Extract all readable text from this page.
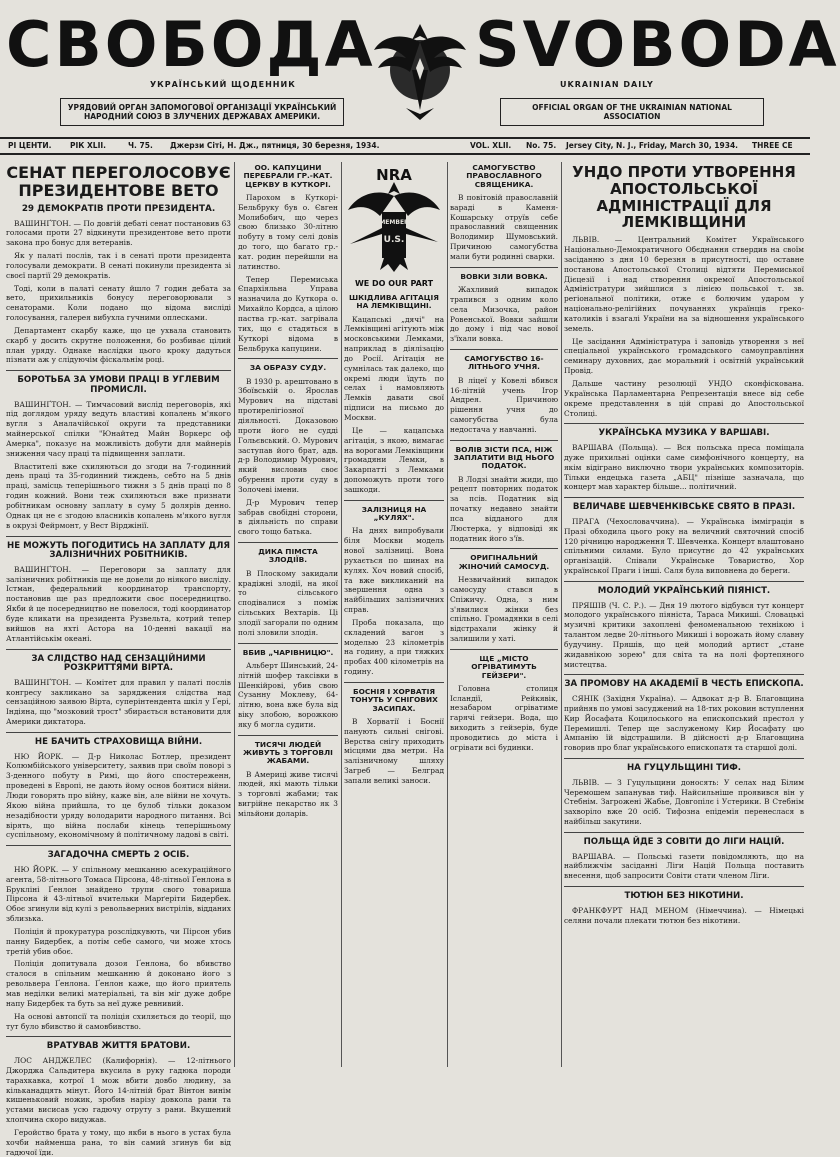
СВОБОДА
УКРАЇНСЬКИЙ ЩОДЕННИК
SVOBODA
UKRAINIAN DAILY
УРЯДОВИЙ ОРГАН ЗАПОМОГОВОЇ ОРГАНІЗАЦІЇ УКРАЇНСЬКИЙ НАРОДНИЙ СОЮЗ В ЗЛУЧЕНИХ ДЕРЖАВАХ АМЕРИКИ.
OFFICIAL ORGAN OF THE UKRAINIAN NATIONAL ASSOCIATION
РІ ЦЕНТИ. РІК XLII.	Ч. 75. Джерзи Сіті, Н. Дж., пятниця, 30 березня, 1934.	VOL. XLII. No. 75. Jersey City, N. J., Friday, March 30, 1934. THREE CE
СЕНАТ ПЕРЕГОЛОСОВУЄ ПРЕЗИДЕНТОВЕ ВЕТО
29 ДЕМОКРАТІВ ПРОТИ ПРЕЗИДЕНТА.

ВАШИНҐТОН. — По довгій дебаті сенат постановив 63 голосами проти 27 відкинути президентове вето проти закона про бонус для ветеранів.

Як у палаті послів, так і в сенаті проти президента голосували демократи. В сенаті покинули президента зі своєї партії 29 демократів.

Тоді, коли в палаті сенату йшло 7 годин дебата за вето, прихильників бонусу переговорювали з сенаторами. Коли подано що відома висліді голосування, галерея вибухла гучними оплесками.

Департамент скарбу каже, що це ухвала становить скарб у досить скрутне положення, бо розбиває цілий план уряду. Однаке наслідки цього кроку дадуться пізнати аж у слідуючім фіскальнім році.

БОРОТЬБА ЗА УМОВИ ПРАЦІ В УГЛЕВИМ ПРОМИСЛІ.

ВАШИНҐТОН. — Тимчасовий вислід переговорів, які під доглядом уряду ведуть властиві копалень м'якого вугля з Аналачійської округи та представники майнерської спілки "Юнайтед Майн Воркерс оф Амерка", показує на можливість добути для майнерів зниження часу праці та підвищення заплати.

Властителі вже схиляються до згоди на 7-годинний день праці та 35-годинний тиждень, себто на 5 днів праці, замісць теперішнього тижня з 5 днів праці по 8 годин кожний. Вони теж схиляються вже признати робітникам основну заплату в суму 5 долярів денно. Однак ця не є згодою власників копалень м'якого вугля в окрузі Фейрмонт, у Вест Вірджінії.

НЕ МОЖУТЬ ПОГОДИТИСЬ НА ЗАПЛАТУ ДЛЯ ЗАЛІЗНИЧНИХ РОБІТНИКІВ.

ВАШИНҐТОН. — Переговори за заплату для залізничних робітників ще не довели до ніякого висліду. Істман, федеральний координатор транспорту, постановив ще раз предложити своє посередництво. Якби й це посередництво не повелося, тоді координатор буде кликати на президента Рузвельта, котрий тепер вийшов на яхті Астора на 10-денні вакації на Атлантійськім океані.

ЗА СЛІДСТВО НАД СЕНЗАЦІЙНИМИ РОЗКРИТТЯМИ ВІРТА.

ВАШИНҐТОН. — Комітет для правил у палаті послів конгресу закликано за заряджения слідства над сензаційною заявою Вірта, суперінтендента шкіл у Ґері, Індіяна, що "мозковий трост" збирається встановити для Америки диктатора.

НЕ БАЧИТЬ СТРАХОВИЩА ВІЙНИ.

НЮ ЙОРК. — Д-р Николас Ботлер, президент Колюмбійського університету, заявив при своїм поворі з 3-денного побуту в Римі, що його спостереженн, проведені в Европі, не дають йому основ боятися війни. Люди говорять про війну, каже він, але війни не хочуть. Якою війна прийшла, то це булоб тільки доказом незадібности уряду володарити народного питання. Всі вірять, що війна послаби кінець теперішньому суспільному, економічному й політичному ладові в світі.

ЗАГАДОЧНА СМЕРТЬ 2 ОСІБ.

НЮ ЙОРК. — У спільному мешканню асекураційного агента, 58-літнього Томаса Пірсона, 48-літньої Ґенлона в Брукліні Ґенлон знайдено трупи свого товариша Пірсона й 43-літньої вчительки Марґеріти Бидербек. Обоє згинули від кулі з револьверних вистрілів, відданих зблизька.

Поліція й прокуратура розслідкувють, чи Пірсон убив панну Бидербек, а потім себе самого, чи може хтось третій убив обоє.

Поліція допитувала дозоя Ґенлона, бо вбивство сталося в спільним мешканню й доконано його з револьвера Ґенлона. Ґенлон каже, що його приятель мав неділки великі матеріальні, та він міг дуже добре напу Бидербек та буть за неї дуже ревнивий.

На основі автопсії та поліція схиляється до теорії, що тут було вбивство й самовбивство.

ВРАТУВАВ ЖИТТЯ БРАТОВИ.

ЛОС АНДЖЕЛЕС (Калифорнія). — 12-літнього Джорджа Сальдитера вкусила в руку гадюка породи тарахкавка, котрої 1 мож вбити довбо людину, за кільканадцять мінут. Його 14-літній брат Вінтон винім кишеньковий ножик, зробив нарізу довкола рани та устами висисав усю гадючу отруту з рани. Вкушений хлопчина скоро видужав.

Геройство брата у тому, що якби в нього в устах була хочби найменша рана, то він самий згинув би від гадючої їди.

ОО. КАПУЦИНИ ПЕРЕБРАЛИ ГР.-КАТ. ЦЕРКВУ В КУТКОРІ.

Парохом в Куткорі-Бельбруку був о. Євген Молибобич, що через свою близько 30-літню побуту в тому селі довів до того, що багато гр.-кат. родин перейшли на латинство.

Тепер Перемиська Єпархіяльна Управа назначила до Куткора о. Михайло Кордса, а цілою паства гр.-кат. загрівала тих, що є стадяться в Куткорі відома в Бельбрука капуцини.

ЗА ОБРАЗУ СУДУ.

В 1930 р. арештовано в Збоївській о. Ярослав Мурович на підставі протирелігіозної діяльності. Доказовою проти його не судді Гольєвський. О. Мурович заступав його брат, адв. д-р Володимир Мурович, який висловив своє обурення проти суду в Золочеві імени.

Д-р Мурович тепер забрав свобідні сторони, в діяльність по справи свого тощо батька.

ДИКА ПІМСТА ЗЛОДІЇВ.

В Плоскому закидали крадіжні злодії, на якої то сільського сподівалися з поміж сільських Вехтарів. Ці злодії загорали по одним полі зловили злодія.

ВБИВ „ЧАРІВНИЦЮ".

Альберт Шинський, 24-літній шофер таксівки в Шенкійрові, убив свою Сузанну Моклеву, 64-літню, вона вже була від віку злобою, ворожкою яку б могла судити.

ТИСЯЧІ ЛЮДЕЙ ЖИВУТЬ З ТОРГОВЛІ ЖАБАМИ.

В Америці живе тисячі людей, які мають тільки з торговлі жабами; так вигрійне пекарство як 3 мільйони доларів.

NRA
MEMBER
U.S.
WE DO OUR PART
ШКІДЛИВА АГІТАЦІЯ НА ЛЕМКІВЩИНІ.

Кацапські „дячі" на Лемківщині агітують між московськими Лемками, наприклад в діялізацію до Росії. Агітація не сумнілась так далеко, що окремі люди їдуть по селах і намовляють Лемків давати свої підписи на письмо до Москви.

Це — кацапська агітація, з якою, вимагає на ворогами Лемківщини громадяни Лемки, в Закарпатті з Лемками допоможуть проти того зашкоди.

ЗАЛІЗНИЦЯ НА „КУЛЯХ".

На днях випробували біля Москви модель нової залізниці. Вона рухається по шинах на кулях. Хоч новий спосіб, та вже викликаний на звершення одна з найбільших залізничних справ.

Проба показала, що складений вагон з моделью 23 кілометрів на годину, а при тяжких пробах 400 кілометрів на годину.

БОСНІЯ І ХОРВАТІЯ ТОНУТЬ У СНІГОВИХ ЗАСИПАХ.

В Хорватії і Боснії панують сильні снігові. Верства снігу приходить місцями два метри. На залізничному шляху Загреб — Белград запали великі заноси.

САМОГУБСТВО ПРАВОСЛАВНОГО СВЯЩЕНИКА.

В повітовій православній вараді в Каменя-Кошарську отруїв себе православний священник Володимир Шумовський. Причиною самогубства мали бути родинні сварки.

ВОВКИ ЗІЛИ ВОВКА.

Жахливий випадок трапився з одним коло села Мизочка, район Ровенської. Вовки зайшли до дому і під час нової з'їхали вовка.

САМОГУБСТВО 16-ЛІТНЬОГО УЧНЯ.

В ліцеї у Ковелі вбився 16-літній учень Ігор Андрея. Причиною рішення учня до самогубства була недостача у навчанні.

ВОЛІВ ЗІСТИ ПСА, НІЖ ЗАПЛАТИТИ ВІД НЬОГО ПОДАТОК.

В Лодзі знайти жиди, що рецепт повторних податок за псів. Податник від початку недавно знайти пса відданого для Люстерка, у відповіді як податник його з'їв.

ОРИГІНАЛЬНИЙ ЖІНОЧИЙ САМОСУД.

Незвичайний випадок самосуду стався в Спіжичу. Одна, з ним з'явилися жінки без спільно. Громадянки в селі відстрахали жінку й залишили у хаті.

ЩЕ „МІСТО ОГРІВАТИМУТЬ ГЕЙЗЕРИ".

Головна столиця Ісландії, Рейкявік, незабаром огріватиме гарячі гейзери. Вода, що виходить з гейзерів, буде проводитись до міста і огрівати всі будинки.

УНДО ПРОТИ УТВОРЕННЯ АПОСТОЛЬСЬКОЇ АДМІНІСТРАЦІЇ ДЛЯ ЛЕМКІВЩИНИ

ЛЬВІВ. — Центральний Комітет Українського Національно-Демократичного Обєднання ствердив на своїм засіданню з дня 10 березня в присутності, що оставне постанова Апостольської Столиці відтяти Перемиської Дієцезії і над створення окремої Апостольської Адміністратури зийшлися з лінією польської т. зв. регіональної політики, отже є болючим ударом у національно-релігійних почуваннях українців греко-католиків і взагалі України на за відношення українського земель.

Це засідання Адміністратура і заповідь утворення з неї спеціальної українського громадського самоуправління семинару духовних, дає моральний і освітній український Провід.

Дальше частину резолюції УНДО сконфіскована. Українська Парламентарна Репрезентація внесе від себе окреме представлення в цій справі до Апостольської Столиці.

УКРАЇНСЬКА МУЗИКА У ВАРШАВІ.

ВАРШАВА (Польща). — Вся польська преса поміщала дуже прихильні оцінки саме симфонічного концерту, на якім відіграно виключно твори українських композиторів. Тільки ендецька газета „АБЦ" пізніше зазначала, що концерт мав характер більше... політичний.

ВЕЛИЧАВЕ ШЕВЧЕНКІВСЬКЕ СВЯТО В ПРАЗІ.

ПРАГА (Чехословаччина). — Українська імміграція в Празі обходила цього року на величний святочний спосіб 120 річницю народження Т. Шевченка. Концерт влаштовано спільними силами. Було присутнє до 42 українських організацій. Співали Українське Товариство, Хор української Праги і інші. Саля була виповнена до береги.

МОЛОДИЙ УКРАЇНСЬКИЙ ПІЯНІСТ.

ПРЯШІВ (Ч. С. Р.). — Дня 19 лютого відбувся тут концерт молодого українського піяніста, Тараса Микиші. Словацькі музичні критики захоплені феноменальною технікою і талантом ледве 20-літнього Микиші і ворожать йому славну будучину. Пряшів, що цей молодий артист „стане жидавнікою зорею" для світа та на полі фортепяного мистецтва.

ЗА ПРОМОВУ НА АКАДЕМІЇ В ЧЕСТЬ ЕПИСКОПА.

СЯНІК (Західня Україна). — Адвокат д-р В. Благовщина прийняв по умові засуджений на 18-тих роковин вступлення Кир Йосафата Коцилоського на епископський престол у Перемишлі. Тепер ще заслуженому Кир Йосафату цю Ампанію їй відстрашили. В дійсності д-р Благовщина говорив про благ українського епископатя та старшої долі.

НА ГУЦУЛЬЩИНІ ТИФ.

ЛЬВІВ. — З Гуцульщини доносять: У селах над Білим Черемошем запанував тиф. Найсильніше проявився він у Стебнім. Загрожені Жабье, Довгопілє і Устерики. В Стебнім захворіло вже 20 осіб. Тифозна епідемія перенеслася в найбільш закутини.

ПОЛЬЩА ЙДЕ З СОВІТИ ДО ЛІГИ НАЦІЙ.

ВАРШАВА. — Польські газети повідомляють, що на найближчім засіданні Ліги Націй Польща поставить внесення, щоб запросити Совіти стати членом Ліги.

ТЮТЮН БЕЗ НІКОТИНИ.

ФРАНКФУРТ НАД МЕНОМ (Німеччина). — Німецькі селяни почали плекати тютюн без нікотини.
